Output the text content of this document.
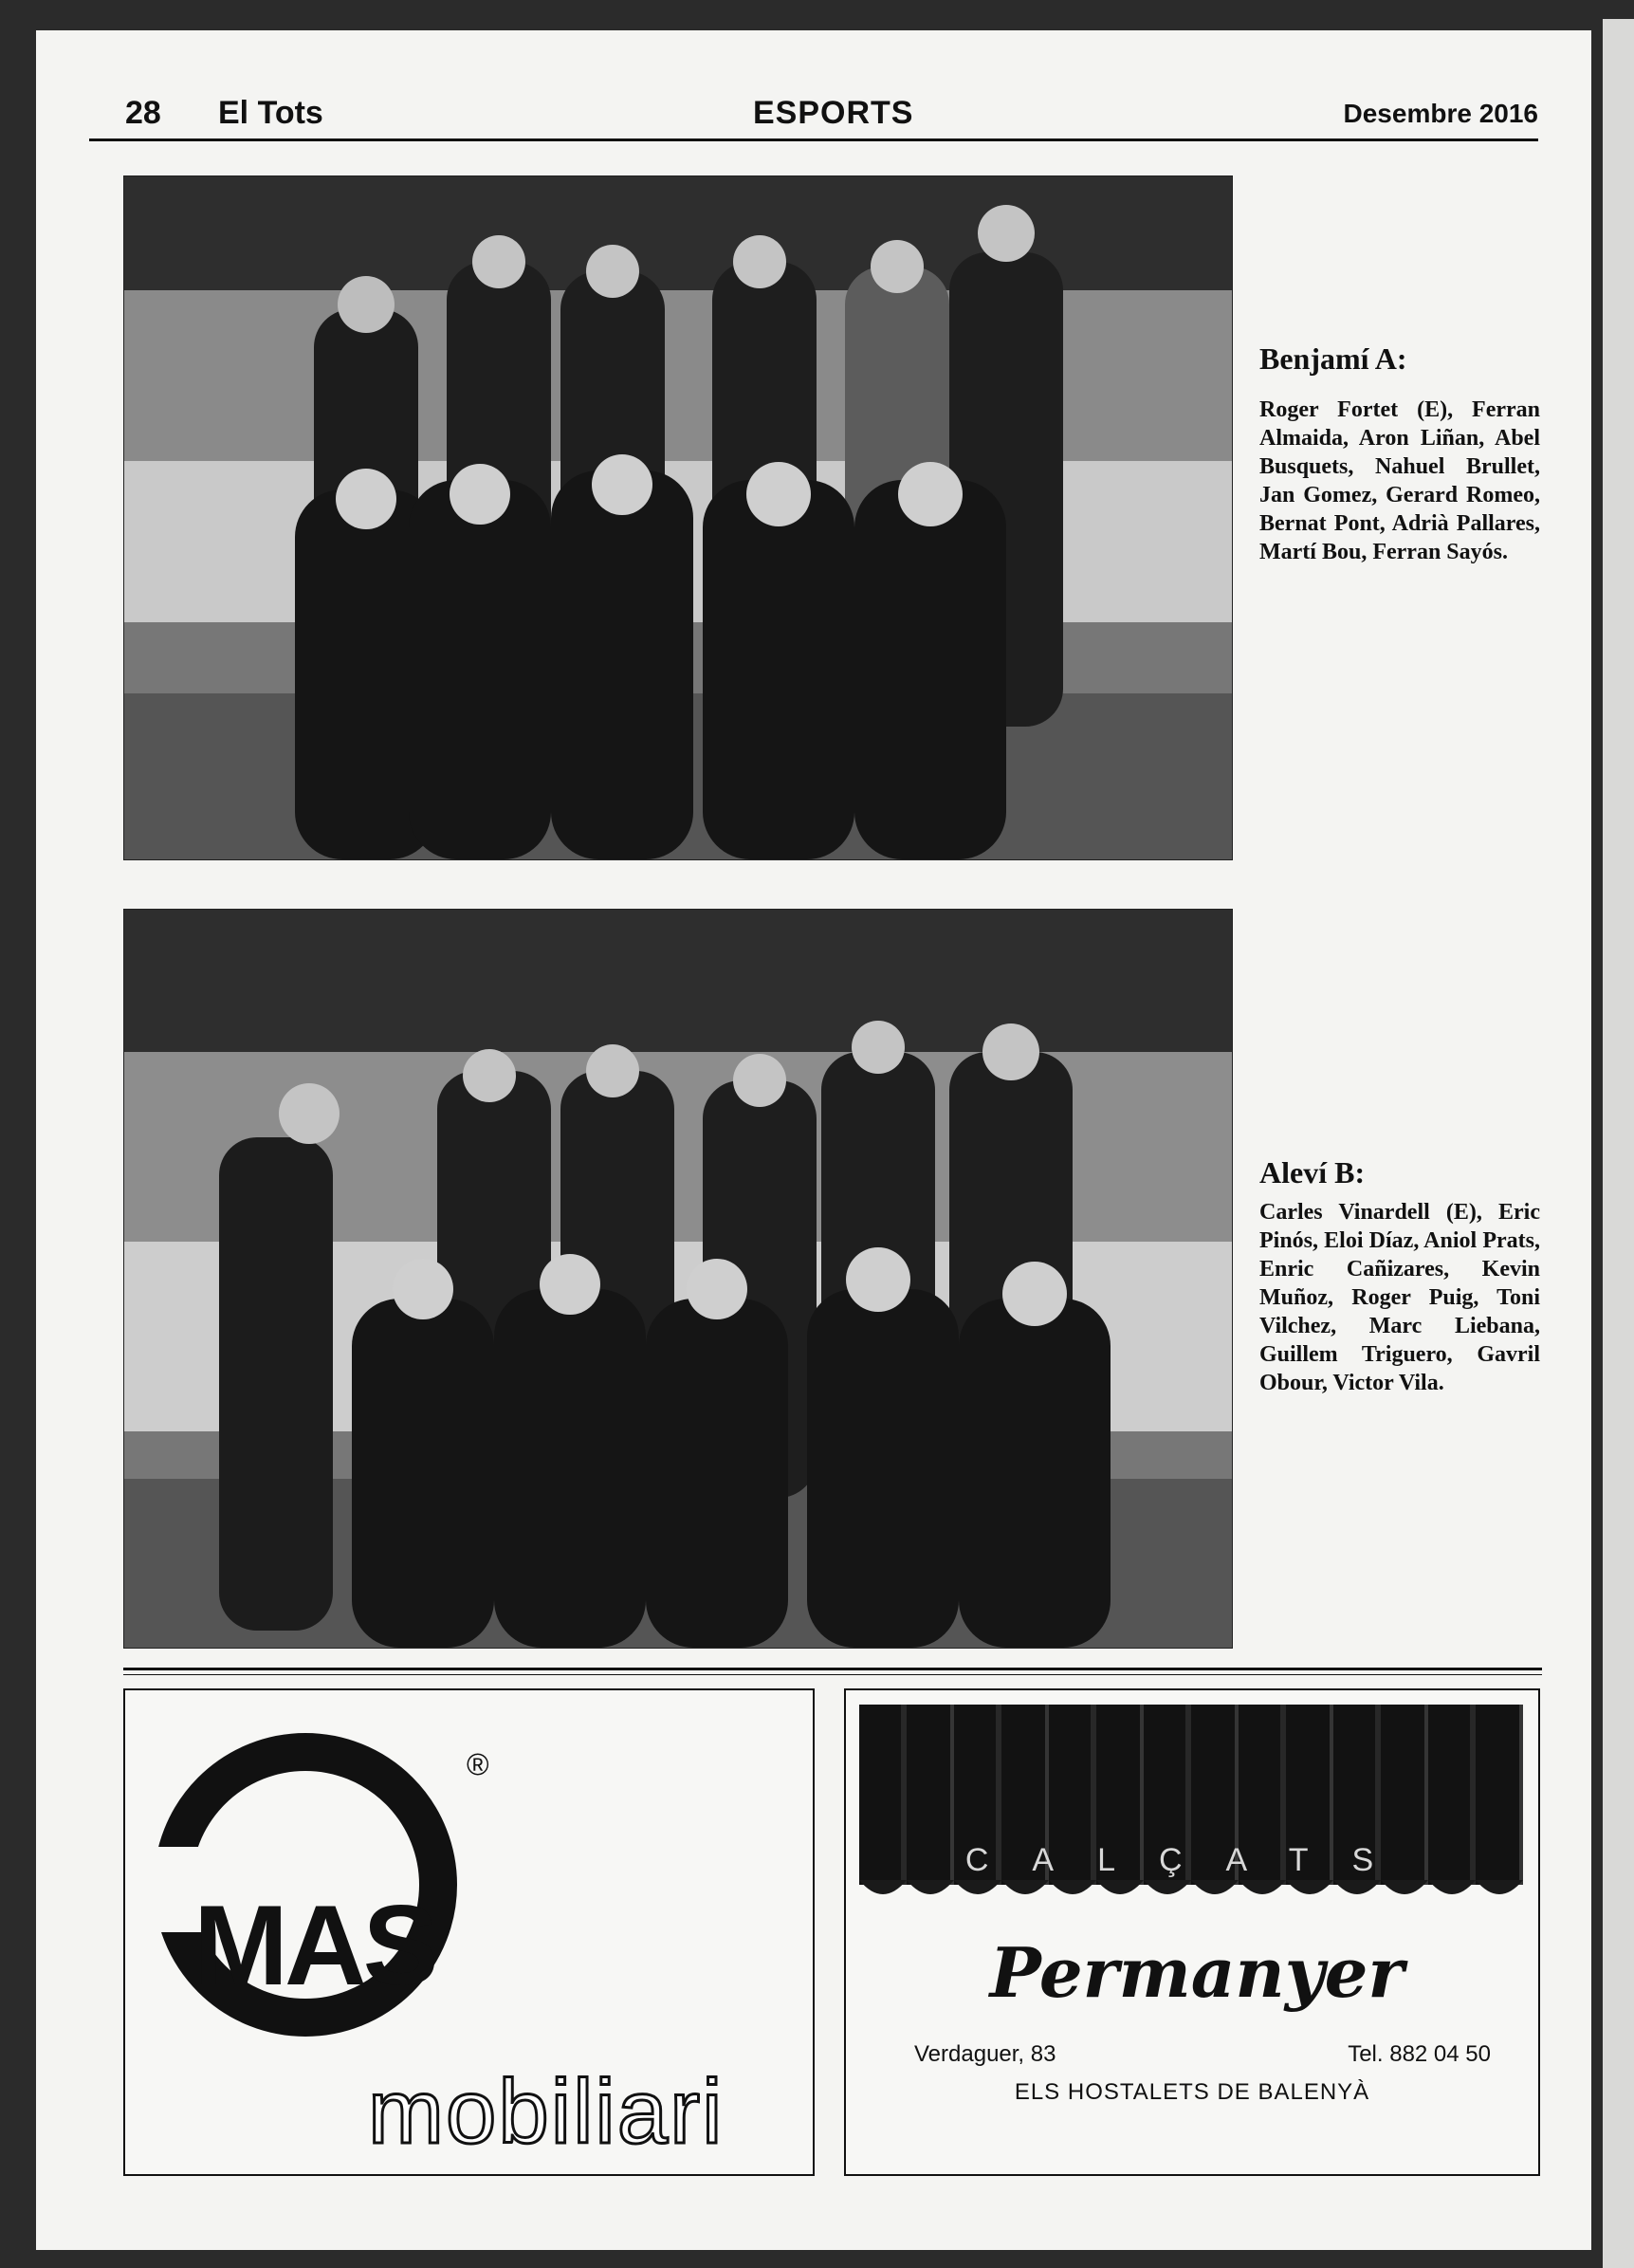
28 El Tots	ESPORTS	Desembre 2016
Benjamí A:

Roger Fortet (E), Ferran Almaida, Aron Liñan, Abel Busquets, Nahuel Brullet, Jan Gomez, Gerard Romeo, Bernat Pont, Adrià Pallares, Martí Bou, Ferran Sayós.

Aleví B:

Carles Vinardell (E), Eric Pinós, Eloi Díaz, Aniol Prats, Enric Cañizares, Kevin Muñoz, Roger Puig, Toni Vilchez, Marc Liebana, Guillem Triguero, Gavril Obour, Victor Vila.

MAS
®
mobiliari
CALÇATS
Permanyer
Verdaguer, 83	Tel. 882 04 50
ELS HOSTALETS DE BALENYÀ
